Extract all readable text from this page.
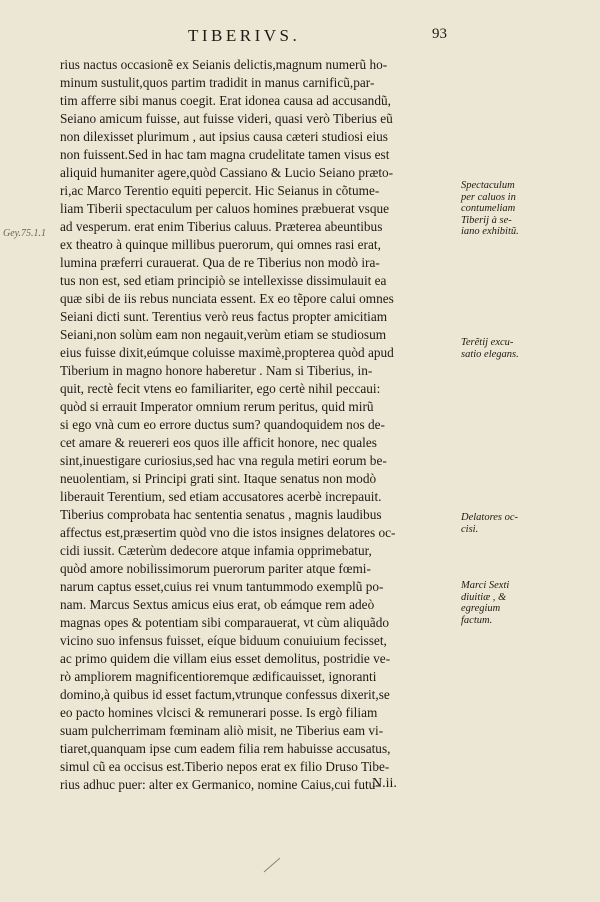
TIBERIVS.	93
Gey.75.1.1
rius nactus occasionẽ ex Seianis delictis,magnum numerũ ho-
minum sustulit,quos partim tradidit in manus carnificũ,par-
tim afferre sibi manus coegit. Erat idonea causa ad accusandũ,
Seiano amicum fuisse, aut fuisse videri, quasi verò Tiberius eũ
non dilexisset plurimum , aut ipsius causa cæteri studiosi eius
non fuissent.Sed in hac tam magna crudelitate tamen visus est
aliquid humaniter agere,quòd Cassiano & Lucio Seiano prætο-
ri,ac Marco Terentio equiti pepercit. Hic Seianus in cõtume-
liam Tiberii spectaculum per caluos homines præbuerat vsque
ad vesperum. erat enim Tiberius caluus. Præterea abeuntibus
ex theatro à quinque millibus puerorum, qui omnes rasi erat,
lumina præferri curauerat. Qua de re Tiberius non modò ira-
tus non est, sed etiam principiò se intellexisse dissimulauit ea
quæ sibi de iis rebus nunciata essent. Ex eo tẽpore calui omnes
Seiani dicti sunt. Terentius verò reus factus propter amicitiam
Seiani,non solùm eam non negauit,verùm etiam se studiosum
eius fuisse dixit,eúmque coluisse maximè,propterea quòd apud
Tiberium in magno honore haberetur . Nam si Tiberius, in-
quit, rectè fecit vtens eo familiariter, ego certè nihil peccaui:
quòd si errauit Imperator omnium rerum peritus, quid mirũ
si ego vnà cum eo errore ductus sum? quandoquidem nos de-
cet amare & reuereri eos quos ille afficit honore, nec quales
sint,inuestigare curiosius,sed hac vna regula metiri eorum be-
neuolentiam, si Principi grati sint. Itaque senatus non modò
liberauit Terentium, sed etiam accusatores acerbè increpauit.
Tiberius comprobata hac sententia senatus , magnis laudibus
affectus est,præsertim quòd vno die istos insignes delatores oc-
cidi iussit. Cæterùm dedecore atque infamia opprimebatur,
quòd amore nobilissimorum puerorum pariter atque fœmi-
narum captus esset,cuius rei vnum tantummodo exemplũ po-
nam. Marcus Sextus amicus eius erat, ob eámque rem adeò
magnas opes & potentiam sibi comparauerat, vt cùm aliquãdo
vicino suo infensus fuisset, eíque biduum conuiuium fecisset,
ac primo quidem die villam eius esset demolitus, postridie ve-
rò ampliorem magnificentioremque ædificauisset, ignoranti
domino,à quibus id esset factum,vtrunque confessus dixerit,se
eo pacto homines vlcisci & remunerari posse. Is ergò filiam
suam pulcherrimam fœminam aliò misit, ne Tiberius eam vi-
tiaret,quanquam ipse cum eadem filia rem habuisse accusatus,
simul cũ ea occisus est.Tiberio nepos erat ex filio Druso Tibe-
rius adhuc puer: alter ex Germanico, nomine Caius,cui futu-
Spectaculum
per caluos in
contumeliam
Tiberij à se-
iano exhibitũ.
Terẽtij excu-
satio elegans.
Delatores oc-
cisi.
Marci Sexti
diuitiæ , &
egregium
factum.
N.ii.
